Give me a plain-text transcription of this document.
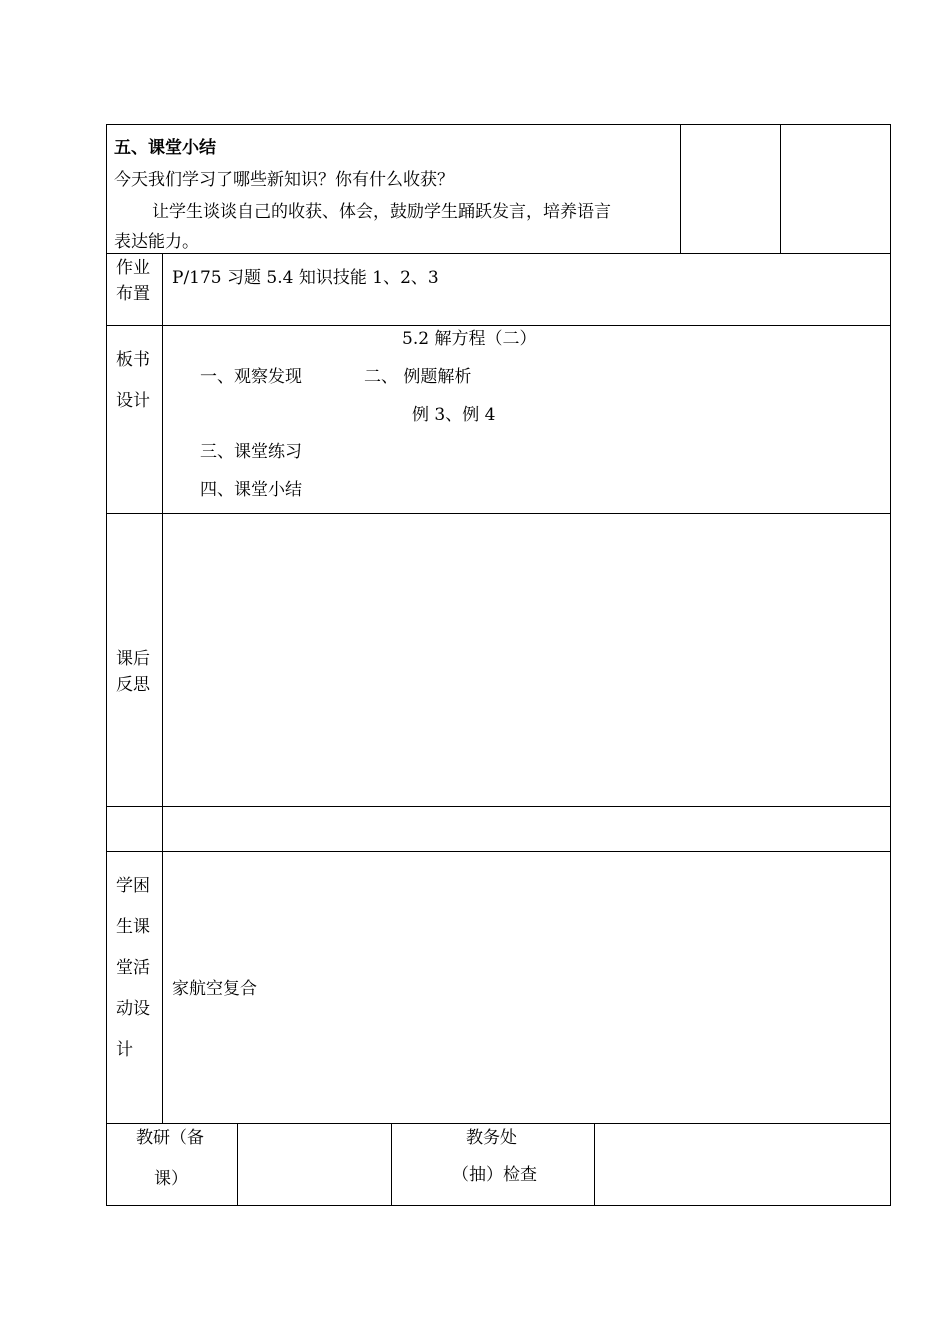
五、课堂小结
今天我们学习了哪些新知识？你有什么收获？
让学生谈谈自己的收获、体会，鼓励学生踊跃发言，培养语言
表达能力。
作业
布置
P/175 习题 5.4 知识技能 1、2、3
板书
设计
5.2 解方程（二）
一、观察发现	二、 例题解析
例 3、例 4
三、课堂练习
四、课堂小结
课后
反思
学困
生课
堂活
动设
计
家航空复合
教研（备
课）
教务处
（抽）检查
